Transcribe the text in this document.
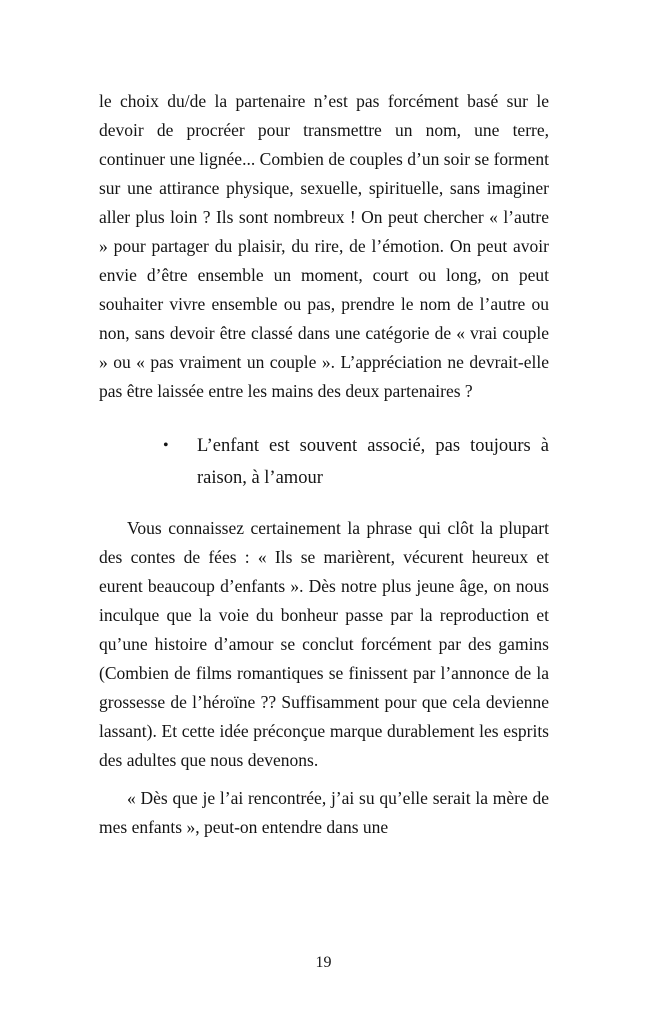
le choix du/de la partenaire n’est pas forcément basé sur le devoir de procréer pour transmettre un nom, une terre, continuer une lignée... Combien de couples d’un soir se forment sur une attirance physique, sexuelle, spirituelle, sans imaginer aller plus loin ? Ils sont nombreux ! On peut chercher « l’autre » pour partager du plaisir, du rire, de l’émotion. On peut avoir envie d’être ensemble un moment, court ou long, on peut souhaiter vivre ensemble ou pas, prendre le nom de l’autre ou non, sans devoir être classé dans une catégorie de « vrai couple » ou « pas vraiment un couple ». L’appréciation ne devrait-elle pas être laissée entre les mains des deux partenaires ?

•	L’enfant est souvent associé, pas toujours à raison, à l’amour

Vous connaissez certainement la phrase qui clôt la plupart des contes de fées : « Ils se marièrent, vécurent heureux et eurent beaucoup d’enfants ». Dès notre plus jeune âge, on nous inculque que la voie du bonheur passe par la reproduction et qu’une histoire d’amour se conclut forcément par des gamins (Combien de films romantiques se finissent par l’annonce de la grossesse de l’héroïne ?? Suffisamment pour que cela devienne lassant). Et cette idée préconçue marque durablement les esprits des adultes que nous devenons.

« Dès que je l’ai rencontrée, j’ai su qu’elle serait la mère de mes enfants », peut-on entendre dans une

19
